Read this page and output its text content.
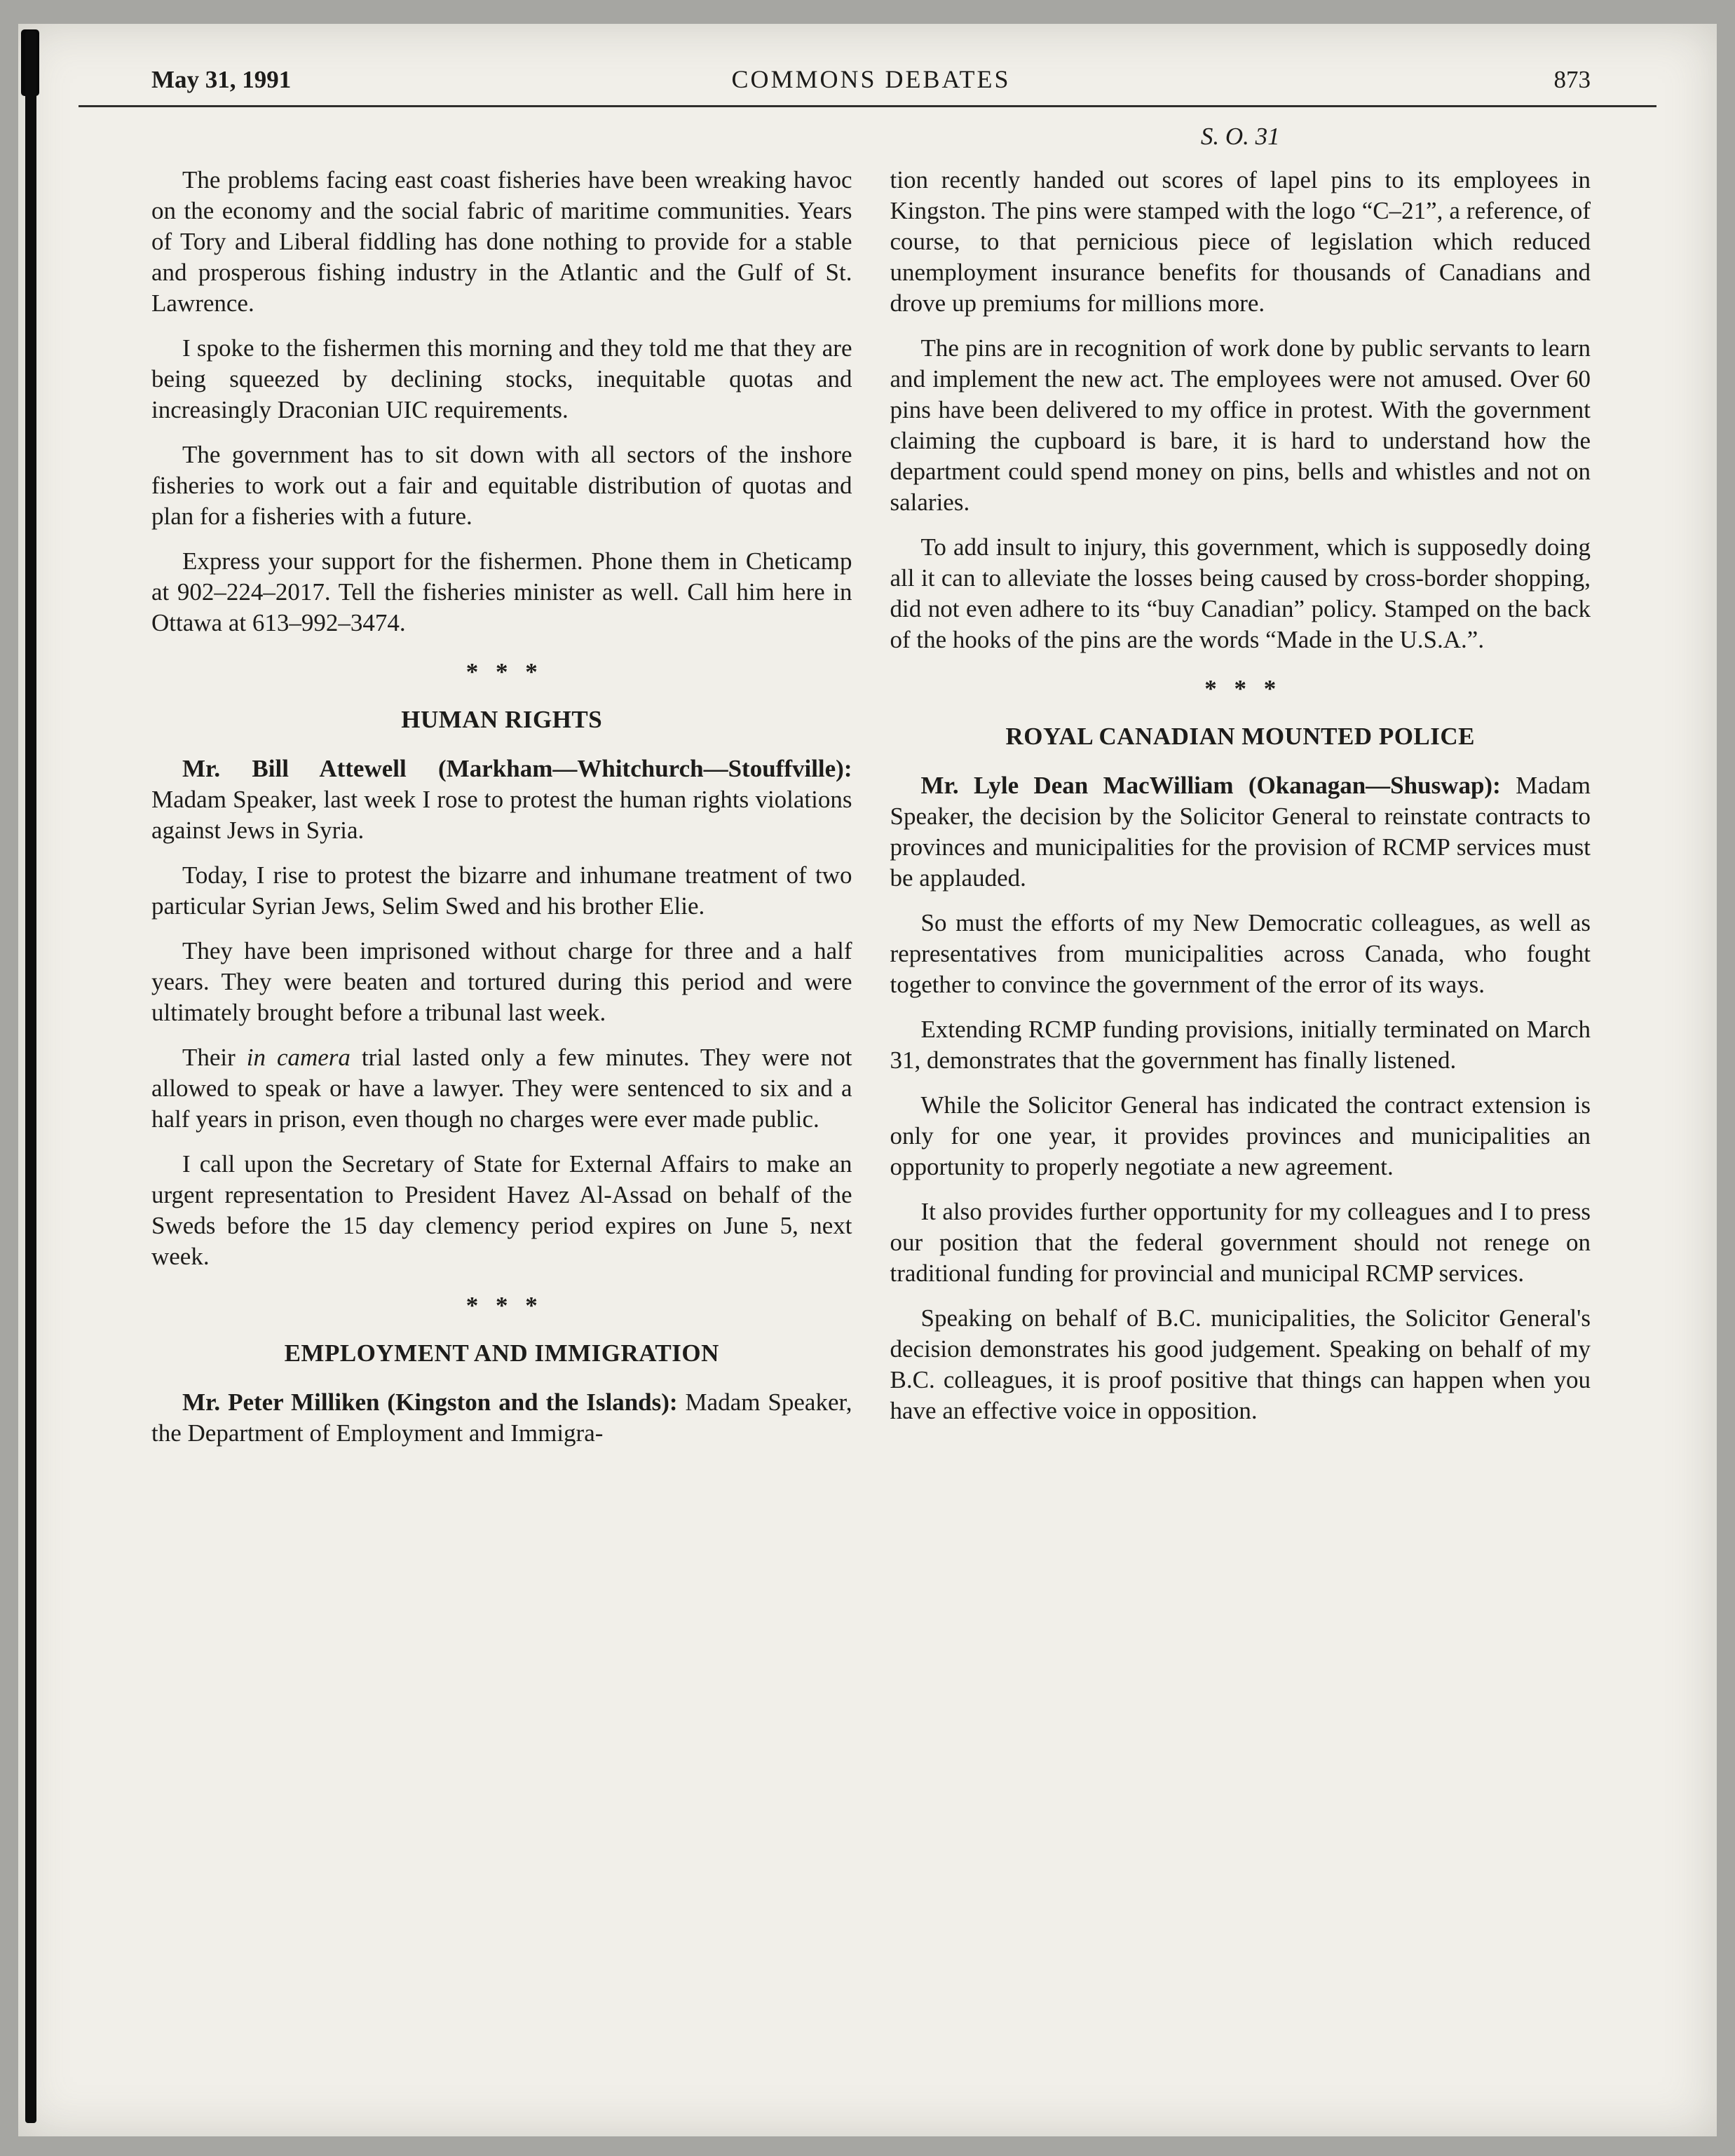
May 31, 1991	COMMONS DEBATES	873

The problems facing east coast fisheries have been wreaking havoc on the economy and the social fabric of maritime communities. Years of Tory and Liberal fiddling has done nothing to provide for a stable and prosperous fishing industry in the Atlantic and the Gulf of St. Lawrence.

I spoke to the fishermen this morning and they told me that they are being squeezed by declining stocks, inequitable quotas and increasingly Draconian UIC requirements.

The government has to sit down with all sectors of the inshore fisheries to work out a fair and equitable distribution of quotas and plan for a fisheries with a future.

Express your support for the fishermen. Phone them in Cheticamp at 902–224–2017. Tell the fisheries minister as well. Call him here in Ottawa at 613–992–3474.

* * *
HUMAN RIGHTS

Mr. Bill Attewell (Markham—Whitchurch—Stouffville): Madam Speaker, last week I rose to protest the human rights violations against Jews in Syria.

Today, I rise to protest the bizarre and inhumane treatment of two particular Syrian Jews, Selim Swed and his brother Elie.

They have been imprisoned without charge for three and a half years. They were beaten and tortured during this period and were ultimately brought before a tribunal last week.

Their in camera trial lasted only a few minutes. They were not allowed to speak or have a lawyer. They were sentenced to six and a half years in prison, even though no charges were ever made public.

I call upon the Secretary of State for External Affairs to make an urgent representation to President Havez Al-Assad on behalf of the Sweds before the 15 day clemency period expires on June 5, next week.

* * *
EMPLOYMENT AND IMMIGRATION

Mr. Peter Milliken (Kingston and the Islands): Madam Speaker, the Department of Employment and Immigra-

S. O. 31

tion recently handed out scores of lapel pins to its employees in Kingston. The pins were stamped with the logo “C–21”, a reference, of course, to that pernicious piece of legislation which reduced unemployment insurance benefits for thousands of Canadians and drove up premiums for millions more.

The pins are in recognition of work done by public servants to learn and implement the new act. The employees were not amused. Over 60 pins have been delivered to my office in protest. With the government claiming the cupboard is bare, it is hard to understand how the department could spend money on pins, bells and whistles and not on salaries.

To add insult to injury, this government, which is supposedly doing all it can to alleviate the losses being caused by cross-border shopping, did not even adhere to its “buy Canadian” policy. Stamped on the back of the hooks of the pins are the words “Made in the U.S.A.”.

* * *
ROYAL CANADIAN MOUNTED POLICE

Mr. Lyle Dean MacWilliam (Okanagan—Shuswap): Madam Speaker, the decision by the Solicitor General to reinstate contracts to provinces and municipalities for the provision of RCMP services must be applauded.

So must the efforts of my New Democratic colleagues, as well as representatives from municipalities across Canada, who fought together to convince the government of the error of its ways.

Extending RCMP funding provisions, initially terminated on March 31, demonstrates that the government has finally listened.

While the Solicitor General has indicated the contract extension is only for one year, it provides provinces and municipalities an opportunity to properly negotiate a new agreement.

It also provides further opportunity for my colleagues and I to press our position that the federal government should not renege on traditional funding for provincial and municipal RCMP services.

Speaking on behalf of B.C. municipalities, the Solicitor General's decision demonstrates his good judgement. Speaking on behalf of my B.C. colleagues, it is proof positive that things can happen when you have an effective voice in opposition.
